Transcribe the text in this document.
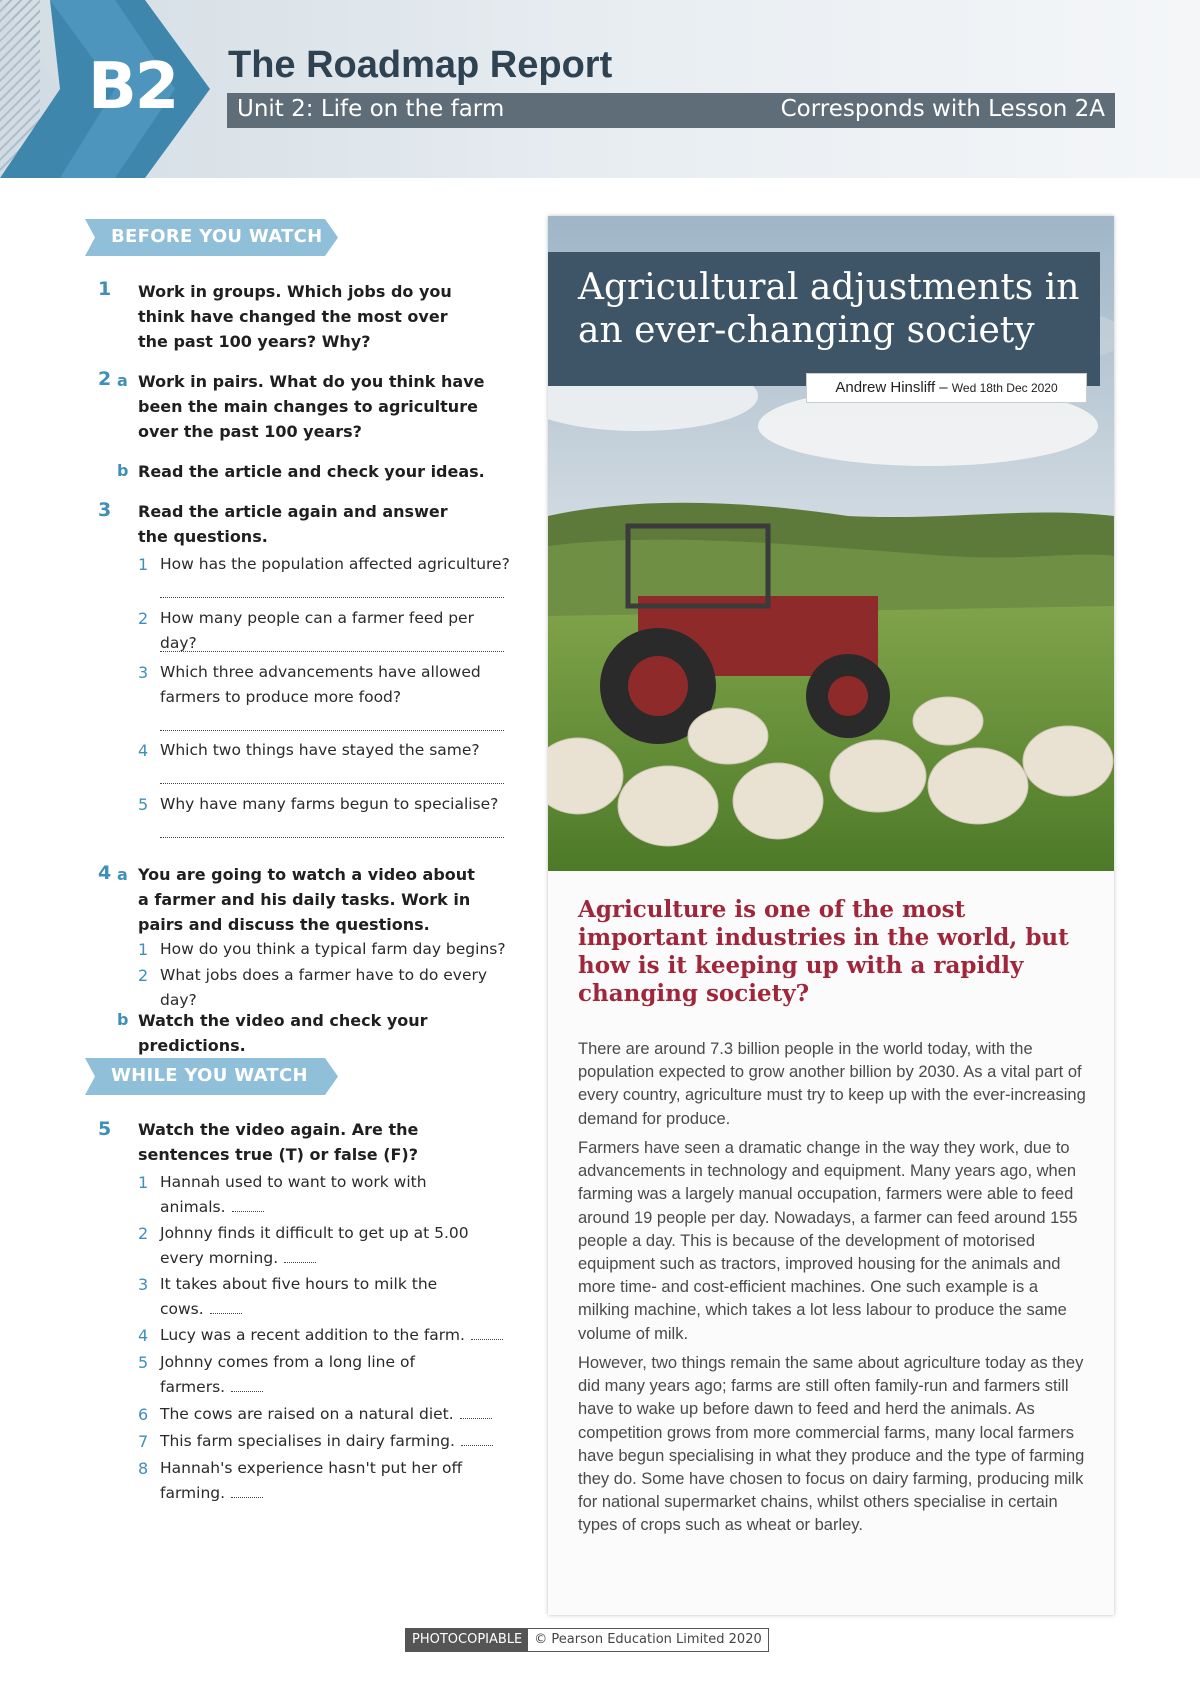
B2 The Roadmap Report
Unit 2: Life on the farm	Corresponds with Lesson 2A
BEFORE YOU WATCH
1 Work in groups. Which jobs do you think have changed the most over the past 100 years? Why?
2 a Work in pairs. What do you think have been the main changes to agriculture over the past 100 years?
b Read the article and check your ideas.
3 Read the article again and answer the questions.
1 How has the population affected agriculture?
2 How many people can a farmer feed per day?
3 Which three advancements have allowed farmers to produce more food?
4 Which two things have stayed the same?
5 Why have many farms begun to specialise?
4 a You are going to watch a video about a farmer and his daily tasks. Work in pairs and discuss the questions.
1 How do you think a typical farm day begins?
2 What jobs does a farmer have to do every day?
b Watch the video and check your predictions.
WHILE YOU WATCH
5 Watch the video again. Are the sentences true (T) or false (F)?
1 Hannah used to want to work with animals.
2 Johnny finds it difficult to get up at 5.00 every morning.
3 It takes about five hours to milk the cows.
4 Lucy was a recent addition to the farm.
5 Johnny comes from a long line of farmers.
6 The cows are raised on a natural diet.
7 This farm specialises in dairy farming.
8 Hannah's experience hasn't put her off farming.
Agricultural adjustments in an ever-changing society
Andrew Hinsliff – Wed 18th Dec 2020
Agriculture is one of the most important industries in the world, but how is it keeping up with a rapidly changing society?

There are around 7.3 billion people in the world today, with the population expected to grow another billion by 2030. As a vital part of every country, agriculture must try to keep up with the ever-increasing demand for produce.

Farmers have seen a dramatic change in the way they work, due to advancements in technology and equipment. Many years ago, when farming was a largely manual occupation, farmers were able to feed around 19 people per day. Nowadays, a farmer can feed around 155 people a day. This is because of the development of motorised equipment such as tractors, improved housing for the animals and more time- and cost-efficient machines. One such example is a milking machine, which takes a lot less labour to produce the same volume of milk.

However, two things remain the same about agriculture today as they did many years ago; farms are still often family-run and farmers still have to wake up before dawn to feed and herd the animals. As competition grows from more commercial farms, many local farmers have begun specialising in what they produce and the type of farming they do. Some have chosen to focus on dairy farming, producing milk for national supermarket chains, whilst others specialise in certain types of crops such as wheat or barley.

PHOTOCOPIABLE © Pearson Education Limited 2020
